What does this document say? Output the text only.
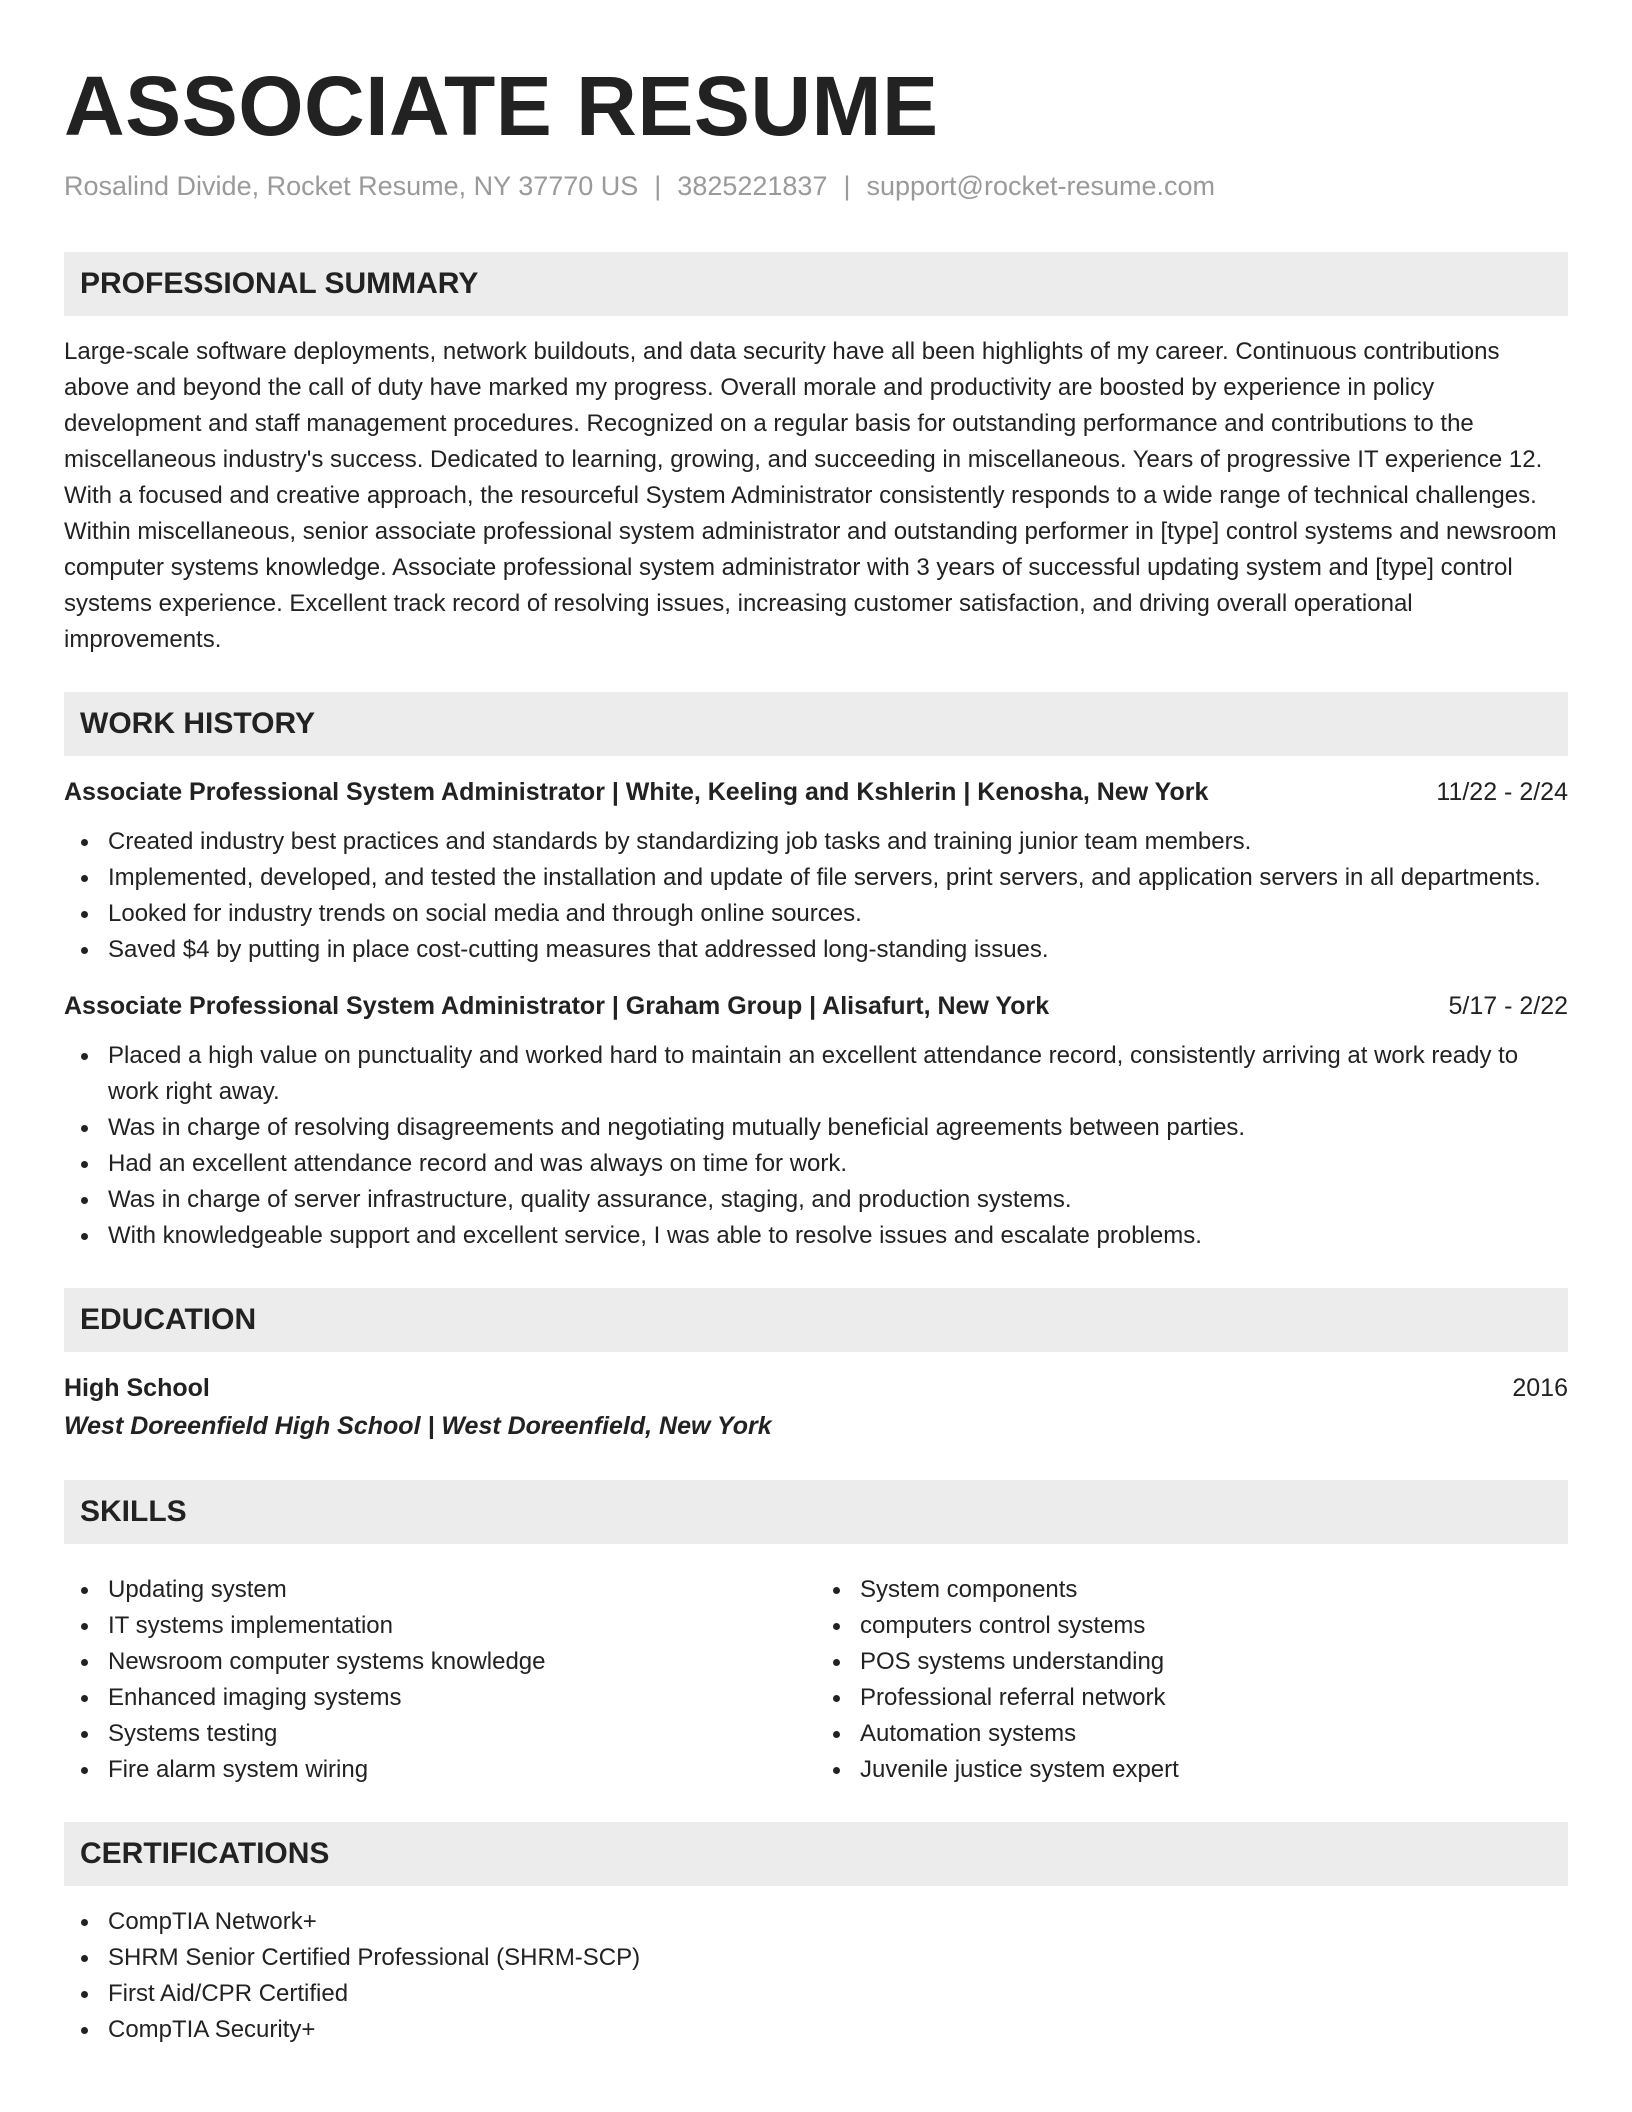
ASSOCIATE RESUME
Rosalind Divide, Rocket Resume, NY 37770 US | 3825221837 | support@rocket-resume.com
PROFESSIONAL SUMMARY

Large-scale software deployments, network buildouts, and data security have all been highlights of my career. Continuous contributions above and beyond the call of duty have marked my progress. Overall morale and productivity are boosted by experience in policy development and staff management procedures. Recognized on a regular basis for outstanding performance and contributions to the miscellaneous industry's success. Dedicated to learning, growing, and succeeding in miscellaneous. Years of progressive IT experience 12. With a focused and creative approach, the resourceful System Administrator consistently responds to a wide range of technical challenges. Within miscellaneous, senior associate professional system administrator and outstanding performer in [type] control systems and newsroom computer systems knowledge. Associate professional system administrator with 3 years of successful updating system and [type] control systems experience. Excellent track record of resolving issues, increasing customer satisfaction, and driving overall operational improvements.

WORK HISTORY
Associate Professional System Administrator | White, Keeling and Kshlerin | Kenosha, New York	11/22 - 2/24
Created industry best practices and standards by standardizing job tasks and training junior team members.
Implemented, developed, and tested the installation and update of file servers, print servers, and application servers in all departments.
Looked for industry trends on social media and through online sources.
Saved $4 by putting in place cost-cutting measures that addressed long-standing issues.
Associate Professional System Administrator | Graham Group | Alisafurt, New York	5/17 - 2/22
Placed a high value on punctuality and worked hard to maintain an excellent attendance record, consistently arriving at work ready to work right away.
Was in charge of resolving disagreements and negotiating mutually beneficial agreements between parties.
Had an excellent attendance record and was always on time for work.
Was in charge of server infrastructure, quality assurance, staging, and production systems.
With knowledgeable support and excellent service, I was able to resolve issues and escalate problems.
EDUCATION
High School	2016
West Doreenfield High School | West Doreenfield, New York
SKILLS
Updating system
IT systems implementation
Newsroom computer systems knowledge
Enhanced imaging systems
Systems testing
Fire alarm system wiring
System components
computers control systems
POS systems understanding
Professional referral network
Automation systems
Juvenile justice system expert
CERTIFICATIONS
CompTIA Network+
SHRM Senior Certified Professional (SHRM-SCP)
First Aid/CPR Certified
CompTIA Security+
